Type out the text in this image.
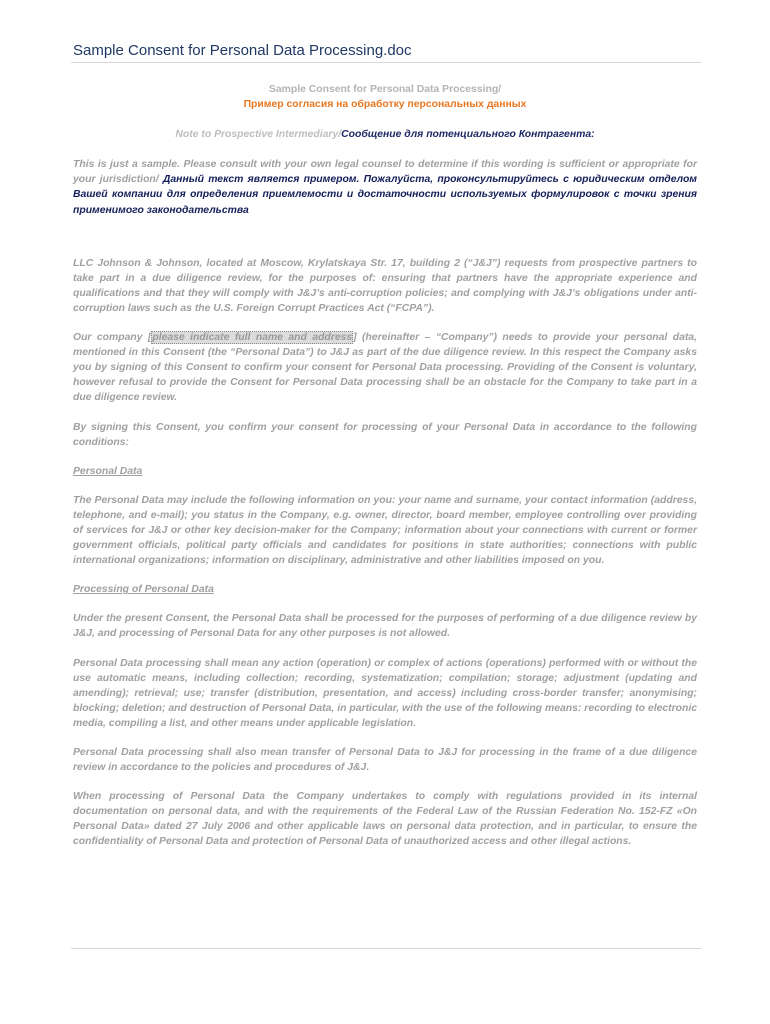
Sample Consent for Personal Data Processing.doc

Sample Consent for Personal Data Processing/

Пример согласия на обработку персональных данных

Note to Prospective Intermediary/Сообщение для потенциального Контрагента:

This is just a sample. Please consult with your own legal counsel to determine if this wording is sufficient or appropriate for your jurisdiction/ Данный текст является примером. Пожалуйста, проконсультируйтесь с юридическим отделом Вашей компании для определения приемлемости и достаточности используемых формулировок с точки зрения применимого законодательства

LLC Johnson & Johnson, located at Moscow, Krylatskaya Str. 17, building 2 (“J&J”) requests from prospective partners to take part in a due diligence review, for the purposes of: ensuring that partners have the appropriate experience and qualifications and that they will comply with J&J’s anti-corruption policies; and complying with J&J’s obligations under anti-corruption laws such as the U.S. Foreign Corrupt Practices Act (“FCPA”).

Our company [please indicate full name and address] (hereinafter – “Company”) needs to provide your personal data, mentioned in this Consent (the “Personal Data”) to J&J as part of the due diligence review. In this respect the Company asks you by signing of this Consent to confirm your consent for Personal Data processing. Providing of the Consent is voluntary, however refusal to provide the Consent for Personal Data processing shall be an obstacle for the Company to take part in a due diligence review.

By signing this Consent, you confirm your consent for processing of your Personal Data in accordance to the following conditions:

Personal Data

The Personal Data may include the following information on you: your name and surname, your contact information (address, telephone, and e-mail); you status in the Company, e.g. owner, director, board member, employee controlling over providing of services for J&J or other key decision-maker for the Company; information about your connections with current or former government officials, political party officials and candidates for positions in state authorities; connections with public international organizations; information on disciplinary, administrative and other liabilities imposed on you.

Processing of Personal Data

Under the present Consent, the Personal Data shall be processed for the purposes of performing of a due diligence review by J&J, and processing of Personal Data for any other purposes is not allowed.

Personal Data processing shall mean any action (operation) or complex of actions (operations) performed with or without the use automatic means, including collection; recording, systematization; compilation; storage; adjustment (updating and amending); retrieval; use; transfer (distribution, presentation, and access) including cross-border transfer; anonymising; blocking; deletion; and destruction of Personal Data, in particular, with the use of the following means: recording to electronic media, compiling a list, and other means under applicable legislation.

Personal Data processing shall also mean transfer of Personal Data to J&J for processing in the frame of a due diligence review in accordance to the policies and procedures of J&J.

When processing of Personal Data the Company undertakes to comply with regulations provided in its internal documentation on personal data, and with the requirements of the Federal Law of the Russian Federation No. 152-FZ «On Personal Data» dated 27 July 2006 and other applicable laws on personal data protection, and in particular, to ensure the confidentiality of Personal Data and protection of Personal Data of unauthorized access and other illegal actions.
